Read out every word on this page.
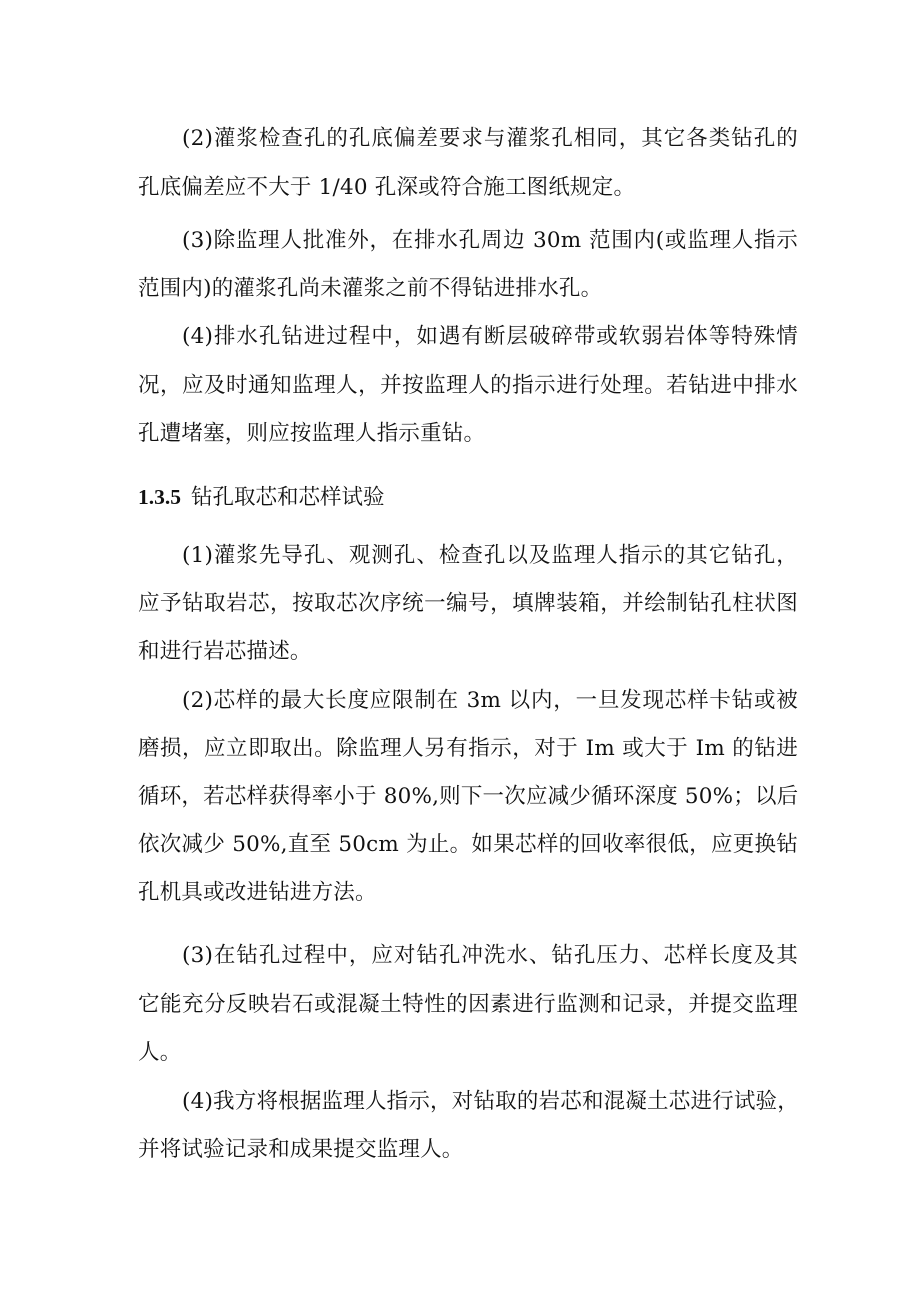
(2)灌浆检查孔的孔底偏差要求与灌浆孔相同，其它各类钻孔的
孔底偏差应不大于 1/40 孔深或符合施工图纸规定。
(3)除监理人批准外，在排水孔周边 30m 范围内(或监理人指示
范围内)的灌浆孔尚未灌浆之前不得钻进排水孔。
(4)排水孔钻进过程中，如遇有断层破碎带或软弱岩体等特殊情
况，应及时通知监理人，并按监理人的指示进行处理。若钻进中排水
孔遭堵塞，则应按监理人指示重钻。
1.3.5 钻孔取芯和芯样试验
(1)灌浆先导孔、观测孔、检查孔以及监理人指示的其它钻孔，
应予钻取岩芯，按取芯次序统一编号，填牌装箱，并绘制钻孔柱状图
和进行岩芯描述。
(2)芯样的最大长度应限制在 3m 以内，一旦发现芯样卡钻或被
磨损，应立即取出。除监理人另有指示，对于 Im 或大于 Im 的钻进
循环，若芯样获得率小于 80%,则下一次应减少循环深度 50%；以后
依次减少 50%,直至 50cm 为止。如果芯样的回收率很低，应更换钻
孔机具或改进钻进方法。
(3)在钻孔过程中，应对钻孔冲洗水、钻孔压力、芯样长度及其
它能充分反映岩石或混凝土特性的因素进行监测和记录，并提交监理
人。
(4)我方将根据监理人指示，对钻取的岩芯和混凝土芯进行试验，
并将试验记录和成果提交监理人。
